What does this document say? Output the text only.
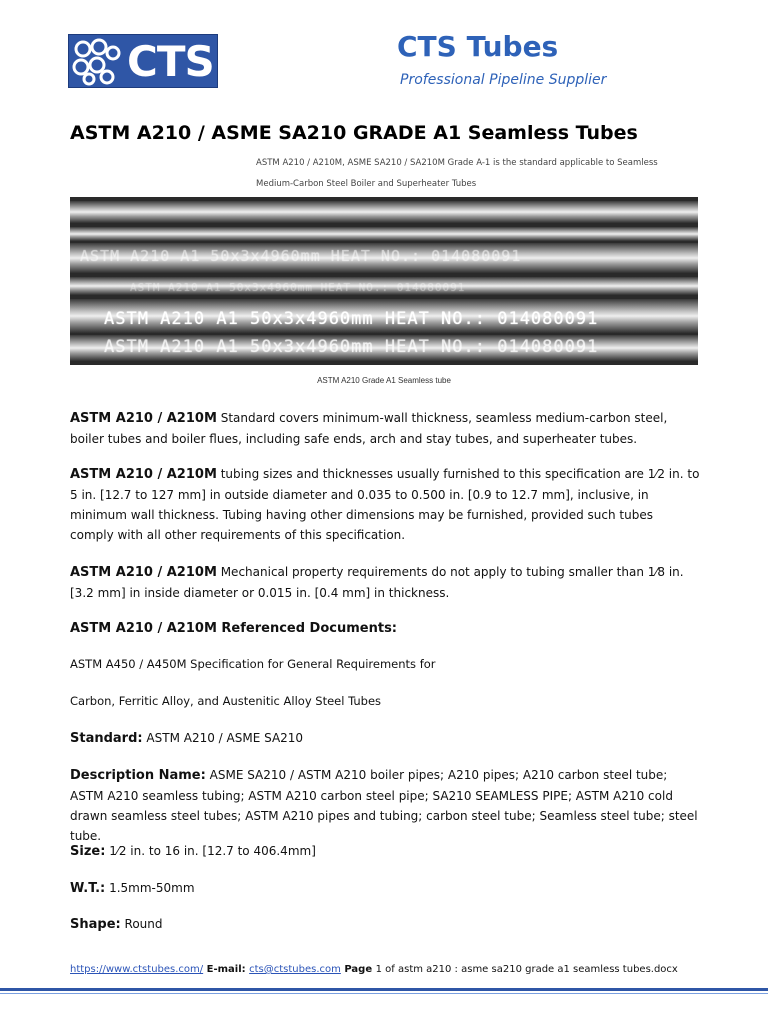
CTS	CTS Tubes
Professional Pipeline Supplier
ASTM A210 / ASME SA210 GRADE A1 Seamless Tubes
ASTM A210 / A210M, ASME SA210 / SA210M Grade A-1 is the standard applicable to Seamless
Medium-Carbon Steel Boiler and Superheater Tubes
ASTM A210 A1 50x3x4960mm HEAT NO.: 014080091
ASTM A210 A1 50x3x4960mm HEAT NO.: 014080091
ASTM A210 A1 50x3x4960mm HEAT NO.: 014080091
ASTM A210 A1 50x3x4960mm HEAT NO.: 014080091
ASTM A210 Grade A1 Seamless tube
ASTM A210 / A210M Standard covers minimum-wall thickness, seamless medium-carbon steel, boiler tubes and boiler flues, including safe ends, arch and stay tubes, and superheater tubes.
ASTM A210 / A210M tubing sizes and thicknesses usually furnished to this specification are 1⁄2 in. to 5 in. [12.7 to 127 mm] in outside diameter and 0.035 to 0.500 in. [0.9 to 12.7 mm], inclusive, in minimum wall thickness. Tubing having other dimensions may be furnished, provided such tubes comply with all other requirements of this specification.
ASTM A210 / A210M Mechanical property requirements do not apply to tubing smaller than 1⁄8 in. [3.2 mm] in inside diameter or 0.015 in. [0.4 mm] in thickness.
ASTM A210 / A210M Referenced Documents:
ASTM A450 / A450M Specification for General Requirements for
Carbon, Ferritic Alloy, and Austenitic Alloy Steel Tubes
Standard: ASTM A210 / ASME SA210
Description Name: ASME SA210 / ASTM A210 boiler pipes; A210 pipes; A210 carbon steel tube; ASTM A210 seamless tubing; ASTM A210 carbon steel pipe; SA210 SEAMLESS PIPE; ASTM A210 cold drawn seamless steel tubes; ASTM A210 pipes and tubing; carbon steel tube; Seamless steel tube; steel tube.
Size: 1⁄2 in. to 16 in. [12.7 to 406.4mm]
W.T.: 1.5mm-50mm
Shape: Round
https://www.ctstubes.com/ E-mail: cts@ctstubes.com Page 1 of astm a210 : asme sa210 grade a1 seamless tubes.docx
